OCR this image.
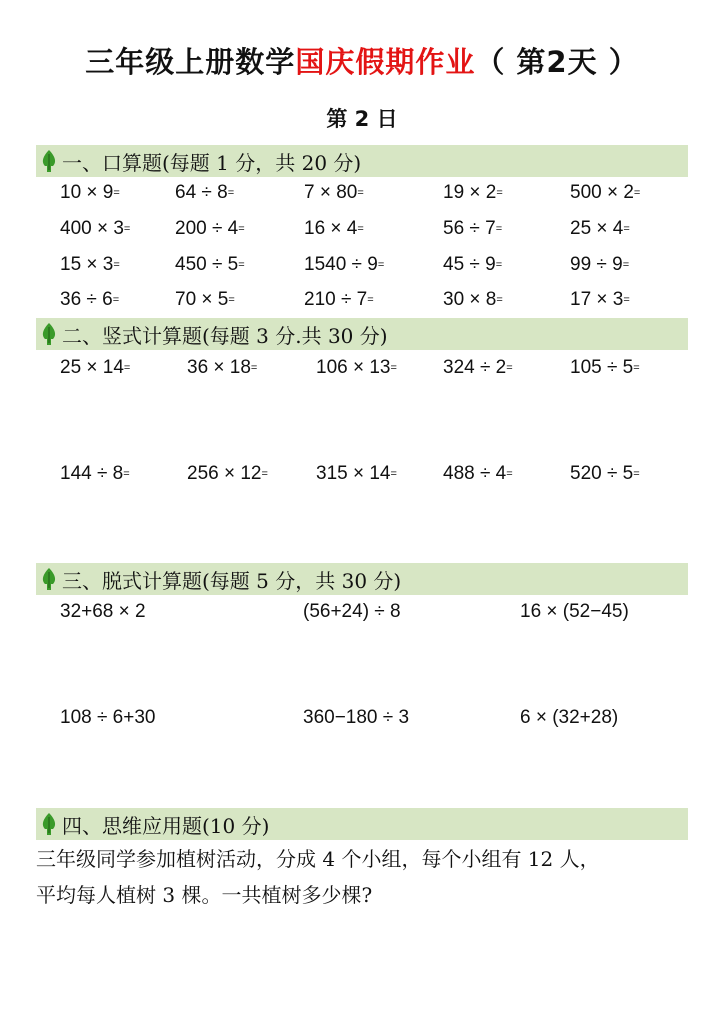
三年级上册数学国庆假期作业（ 第2天 ）
第 2 日
一、口算题(每题 1 分，共 20 分)
二、竖式计算题(每题 3 分.共 30 分)
三、脱式计算题(每题 5 分，共 30 分)
四、思维应用题(10 分)
10 × 9=	64 ÷ 8=	7 × 80=	19 × 2=	500 × 2=
400 × 3= 200 ÷ 4=	16 × 4=	56 ÷ 7=	25 × 4=
15 × 3=	450 ÷ 5=	1540 ÷ 9=	45 ÷ 9=	99 ÷ 9=
36 ÷ 6=	70 × 5=	210 ÷ 7=	30 × 8=	17 × 3=
25 × 14=	36 × 18=	106 × 13= 324 ÷ 2=	105 ÷ 5=
144 ÷ 8=	256 × 12=	315 × 14= 488 ÷ 4=	520 ÷ 5=
32+68 × 2	(56+24) ÷ 8	16 × (52−45)
108 ÷ 6+30	360−180 ÷ 3	6 × (32+28)
三年级同学参加植树活动，分成 4 个小组，每个小组有 12 人，
平均每人植树 3 棵。一共植树多少棵?
